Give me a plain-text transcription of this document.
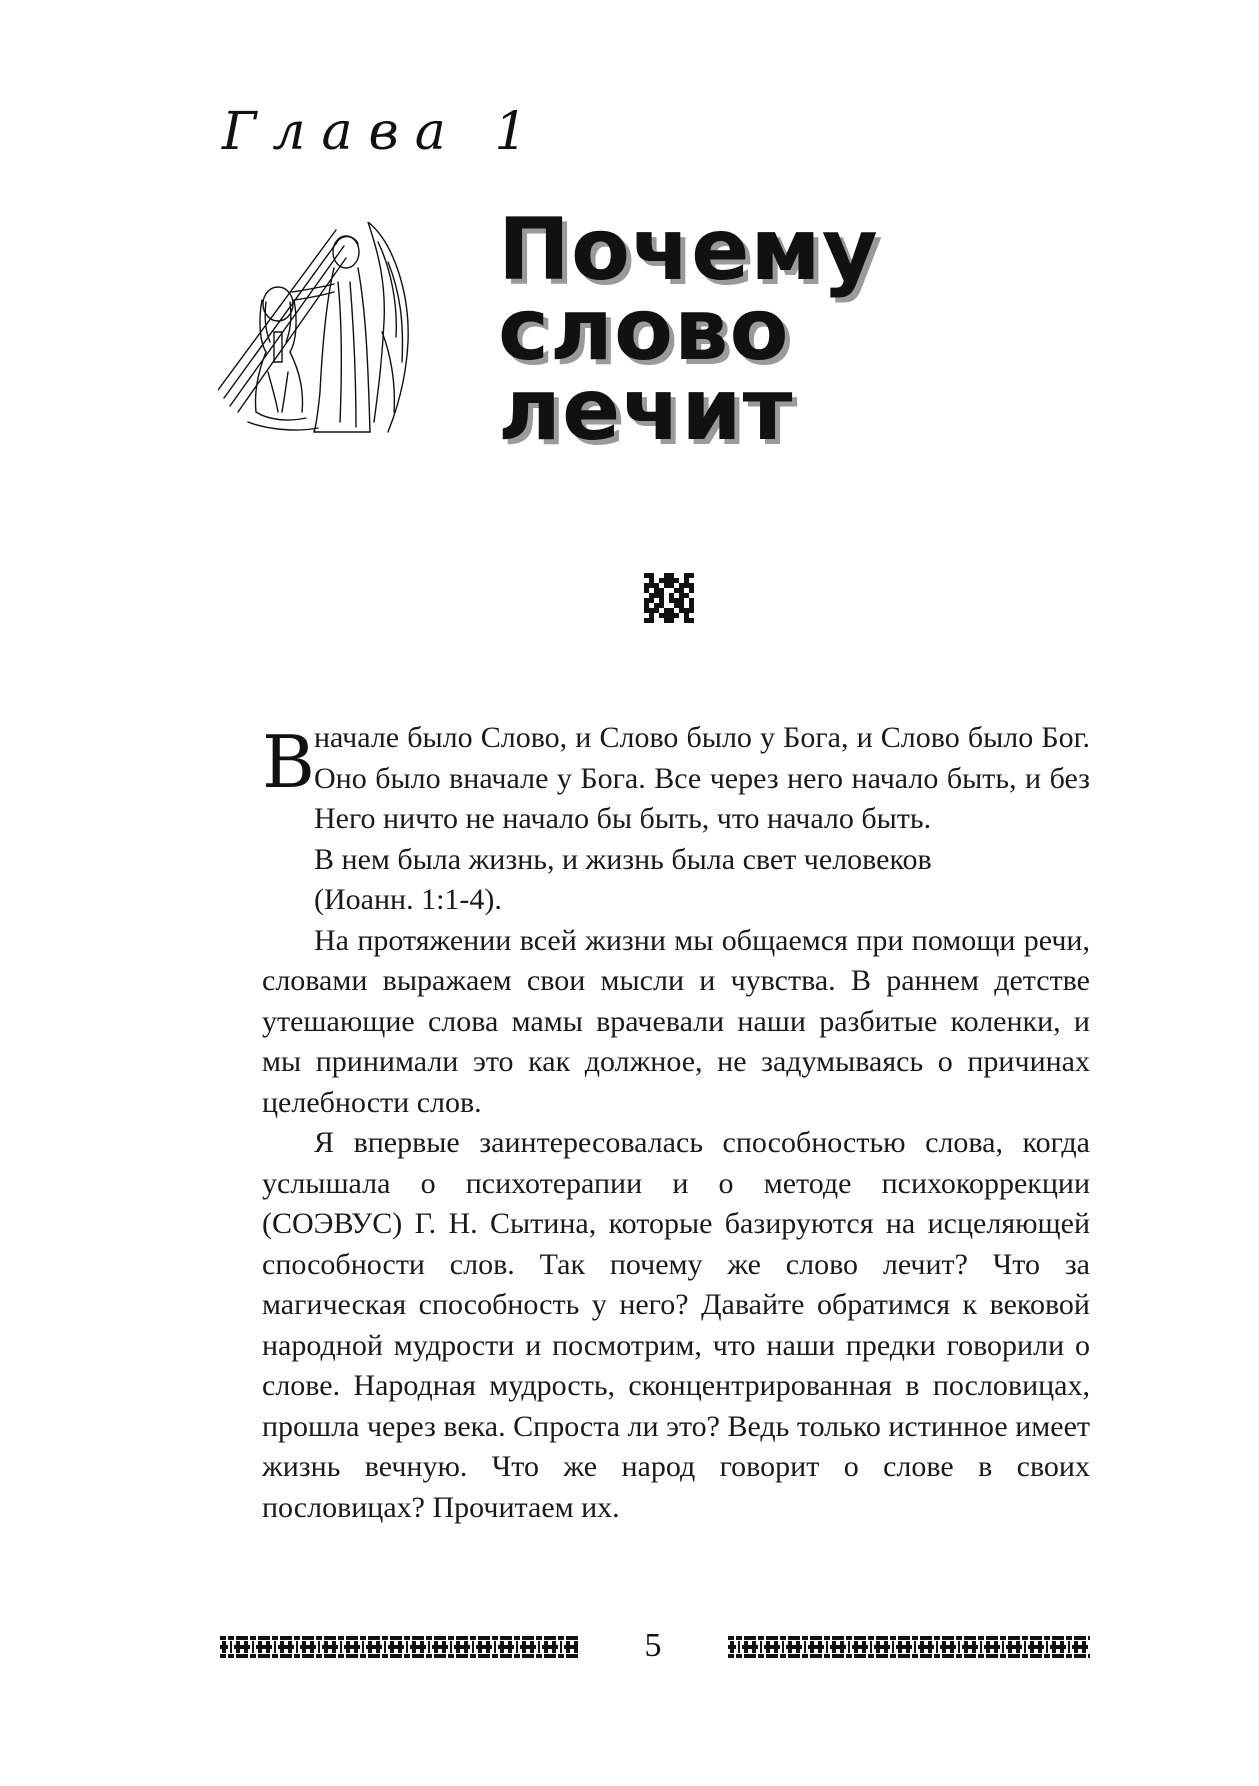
Глава 1
Почему
слово
лечит
В начале было Слово, и Слово было у Бога, и Слово было Бог. Оно было вначале у Бога. Все через него начало быть, и без Него ничто не начало бы быть, что начало быть.

В нем была жизнь, и жизнь была свет человеков

(Иоанн. 1:1-4).

На протяжении всей жизни мы общаемся при помощи речи, словами выражаем свои мысли и чувства. В раннем детстве утешающие слова мамы врачевали наши разбитые коленки, и мы принимали это как должное, не задумываясь о причинах целебности слов.

Я впервые заинтересовалась способностью слова, когда услышала о психотерапии и о методе психокоррекции (СОЭВУС) Г. Н. Сытина, которые базируются на исцеляющей способности слов. Так почему же слово лечит? Что за магическая способность у него? Давайте обратимся к вековой народной мудрости и посмотрим, что наши предки говорили о слове. Народная мудрость, сконцентрированная в пословицах, прошла через века. Спроста ли это? Ведь только истинное имеет жизнь вечную. Что же народ говорит о слове в своих пословицах? Прочитаем их.

5
